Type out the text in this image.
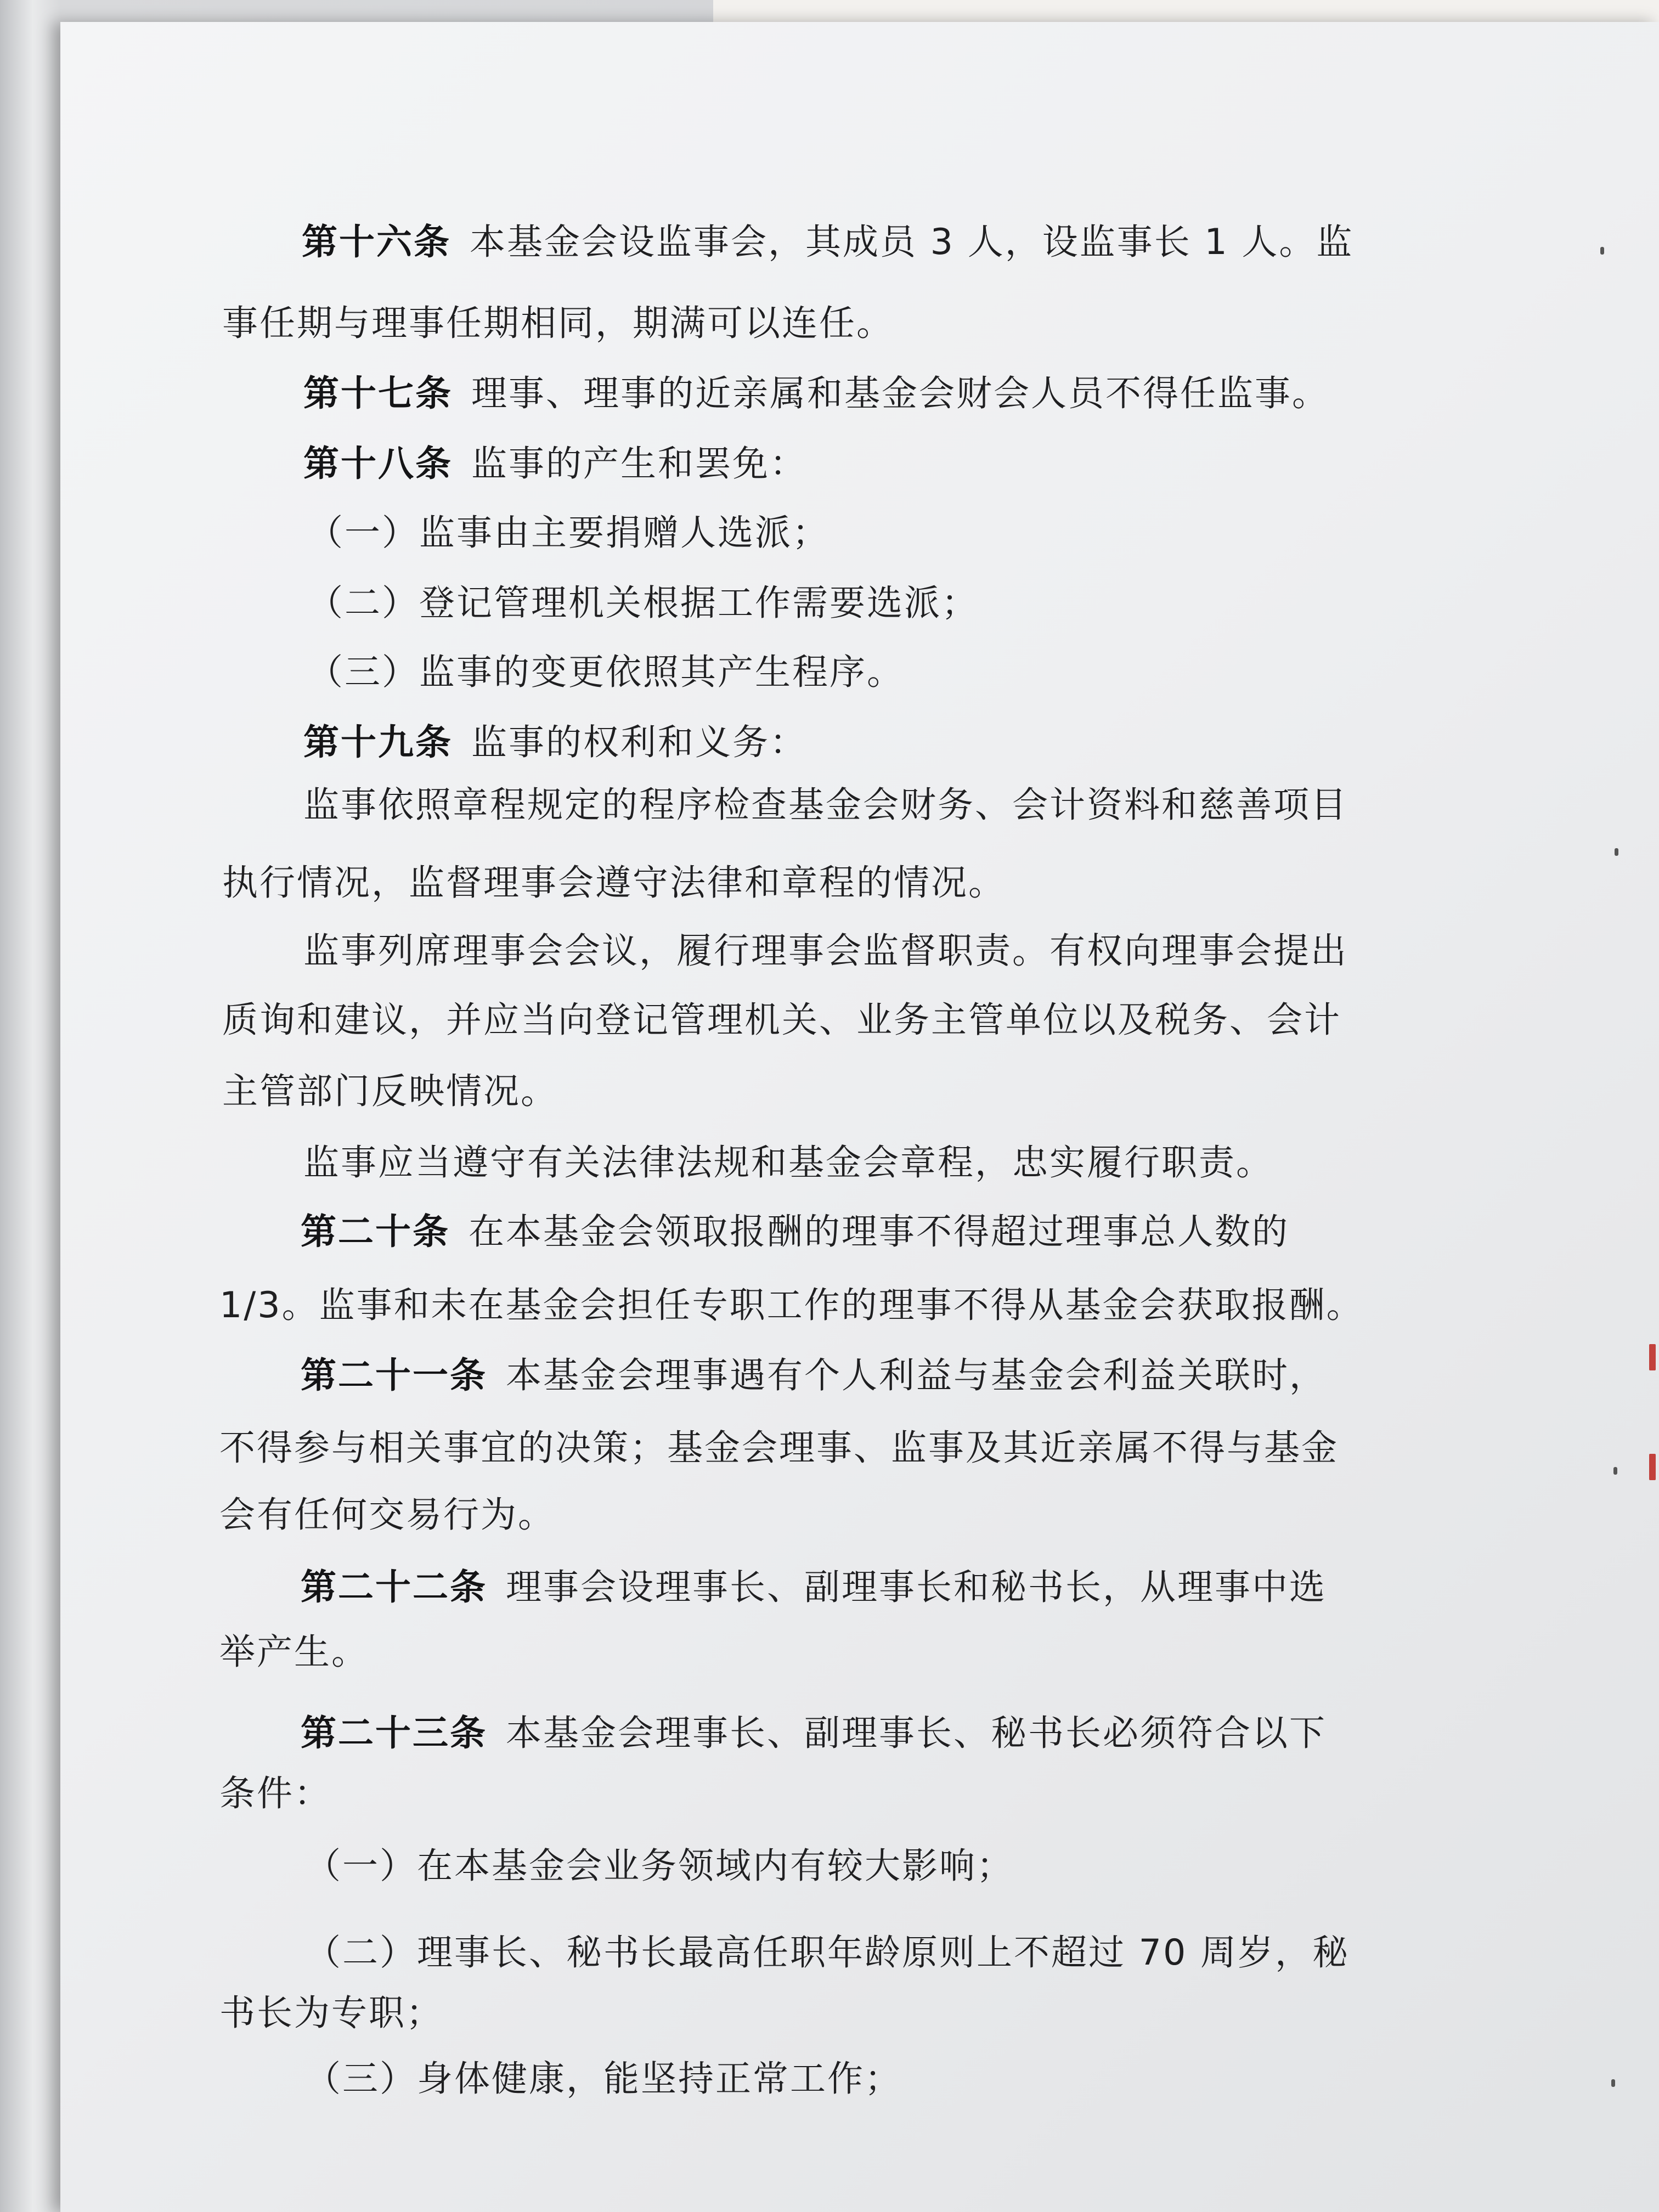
第十六条 本基金会设监事会，其成员 3 人，设监事长 1 人。监

事任期与理事任期相同，期满可以连任。

第十七条 理事、理事的近亲属和基金会财会人员不得任监事。

第十八条 监事的产生和罢免：

（一）监事由主要捐赠人选派；

（二）登记管理机关根据工作需要选派；

（三）监事的变更依照其产生程序。

第十九条 监事的权利和义务：

监事依照章程规定的程序检查基金会财务、会计资料和慈善项目

执行情况，监督理事会遵守法律和章程的情况。

监事列席理事会会议，履行理事会监督职责。有权向理事会提出

质询和建议，并应当向登记管理机关、业务主管单位以及税务、会计

主管部门反映情况。

监事应当遵守有关法律法规和基金会章程，忠实履行职责。

第二十条 在本基金会领取报酬的理事不得超过理事总人数的

1/3。监事和未在基金会担任专职工作的理事不得从基金会获取报酬。

第二十一条 本基金会理事遇有个人利益与基金会利益关联时，

不得参与相关事宜的决策；基金会理事、监事及其近亲属不得与基金

会有任何交易行为。

第二十二条 理事会设理事长、副理事长和秘书长，从理事中选

举产生。

第二十三条 本基金会理事长、副理事长、秘书长必须符合以下

条件：

（一）在本基金会业务领域内有较大影响；

（二）理事长、秘书长最高任职年龄原则上不超过 70 周岁，秘

书长为专职；

（三）身体健康，能坚持正常工作；
